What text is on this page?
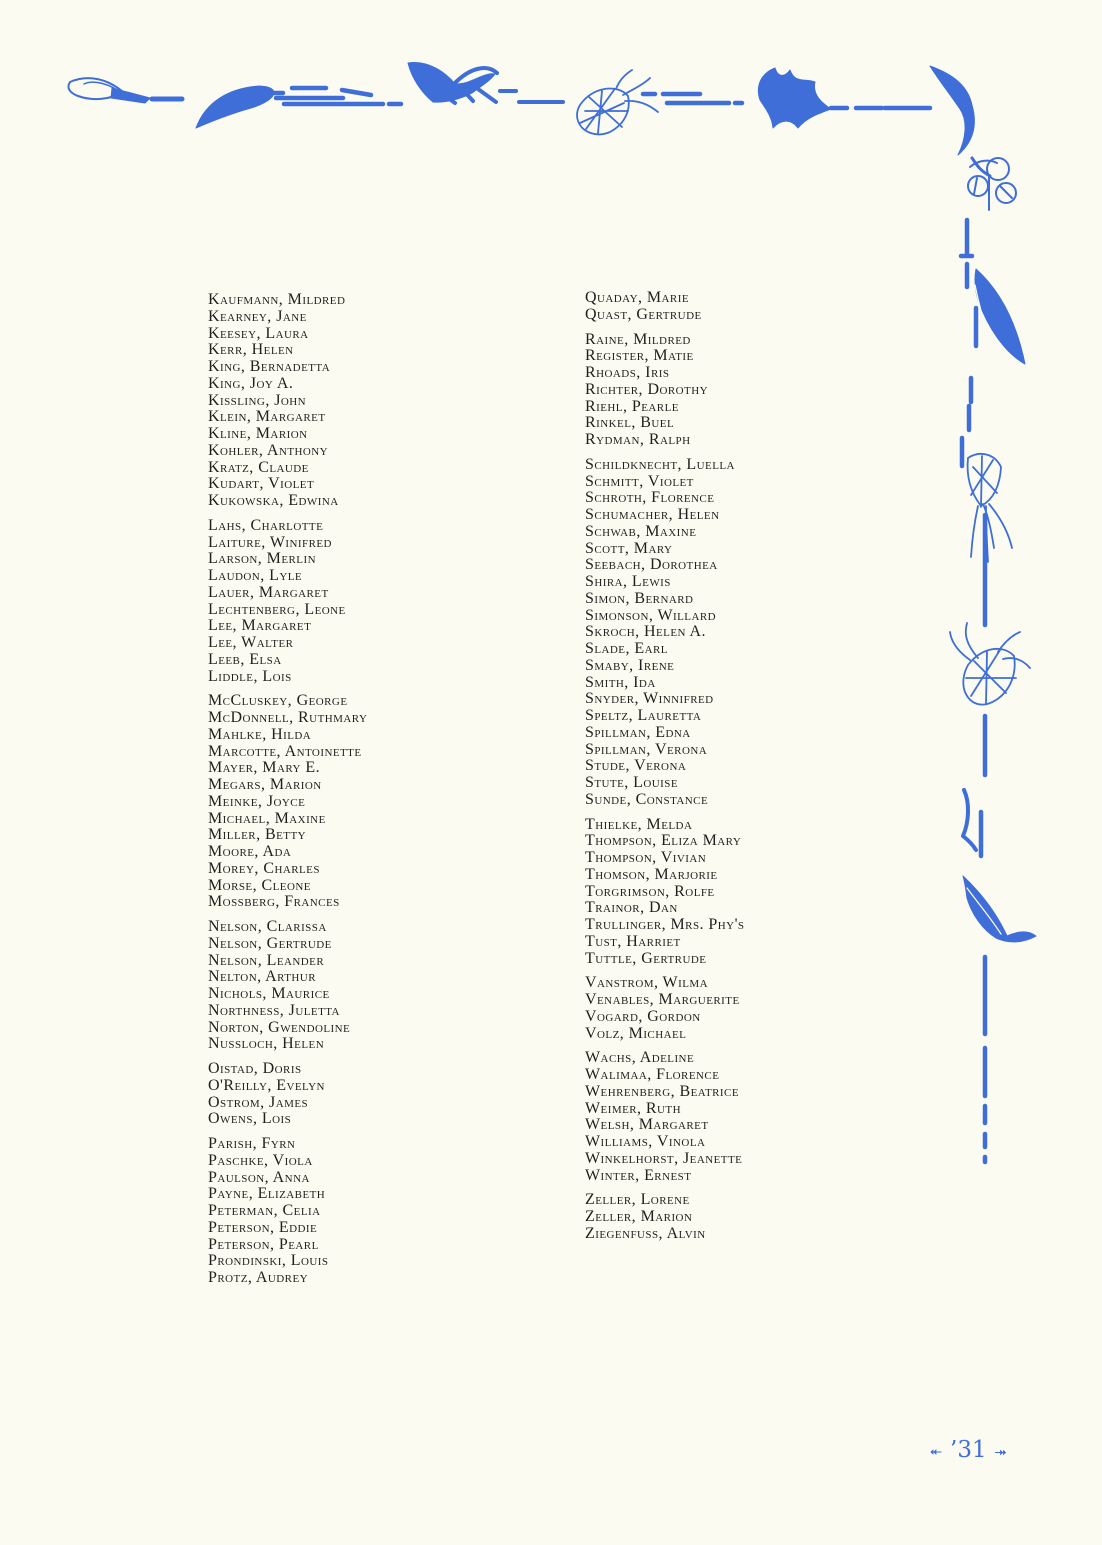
Kaufmann, Mildred
Kearney, Jane
Keesey, Laura
Kerr, Helen
King, Bernadetta
King, Joy A.
Kissling, John
Klein, Margaret
Kline, Marion
Kohler, Anthony
Kratz, Claude
Kudart, Violet
Kukowska, Edwina
Lahs, Charlotte
Laiture, Winifred
Larson, Merlin
Laudon, Lyle
Lauer, Margaret
Lechtenberg, Leone
Lee, Margaret
Lee, Walter
Leeb, Elsa
Liddle, Lois
McCluskey, George
McDonnell, Ruthmary
Mahlke, Hilda
Marcotte, Antoinette
Mayer, Mary E.
Megars, Marion
Meinke, Joyce
Michael, Maxine
Miller, Betty
Moore, Ada
Morey, Charles
Morse, Cleone
Mossberg, Frances
Nelson, Clarissa
Nelson, Gertrude
Nelson, Leander
Nelton, Arthur
Nichols, Maurice
Northness, Juletta
Norton, Gwendoline
Nussloch, Helen
Oistad, Doris
O'Reilly, Evelyn
Ostrom, James
Owens, Lois
Parish, Fyrn
Paschke, Viola
Paulson, Anna
Payne, Elizabeth
Peterman, Celia
Peterson, Eddie
Peterson, Pearl
Prondinski, Louis
Protz, Audrey
Quaday, Marie
Quast, Gertrude
Raine, Mildred
Register, Matie
Rhoads, Iris
Richter, Dorothy
Riehl, Pearle
Rinkel, Buel
Rydman, Ralph
Schildknecht, Luella
Schmitt, Violet
Schroth, Florence
Schumacher, Helen
Schwab, Maxine
Scott, Mary
Seebach, Dorothea
Shira, Lewis
Simon, Bernard
Simonson, Willard
Skroch, Helen A.
Slade, Earl
Smaby, Irene
Smith, Ida
Snyder, Winnifred
Speltz, Lauretta
Spillman, Edna
Spillman, Verona
Stude, Verona
Stute, Louise
Sunde, Constance
Thielke, Melda
Thompson, Eliza Mary
Thompson, Vivian
Thomson, Marjorie
Torgrimson, Rolfe
Trainor, Dan
Trullinger, Mrs. Phy's
Tust, Harriet
Tuttle, Gertrude
Vanstrom, Wilma
Venables, Marguerite
Vogard, Gordon
Volz, Michael
Wachs, Adeline
Walimaa, Florence
Wehrenberg, Beatrice
Weimer, Ruth
Welsh, Margaret
Williams, Vinola
Winkelhorst, Jeanette
Winter, Ernest
Zeller, Lorene
Zeller, Marion
Ziegenfuss, Alvin
⯬ ’31 ⯮
